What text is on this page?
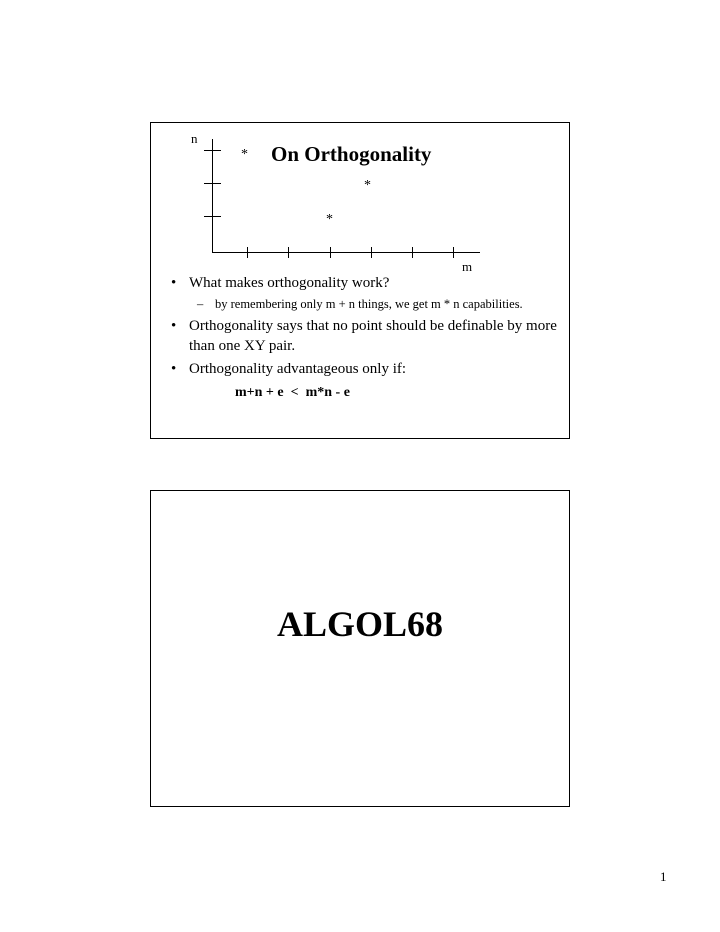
n
m
*
*
*
On Orthogonality
• What makes orthogonality work?
– by remembering only m + n things, we get m * n capabilities.
• Orthogonality says that no point should be definable by more than one XY pair.
• Orthogonality advantageous only if:
m+n + e  <  m*n - e
ALGOL68
1
